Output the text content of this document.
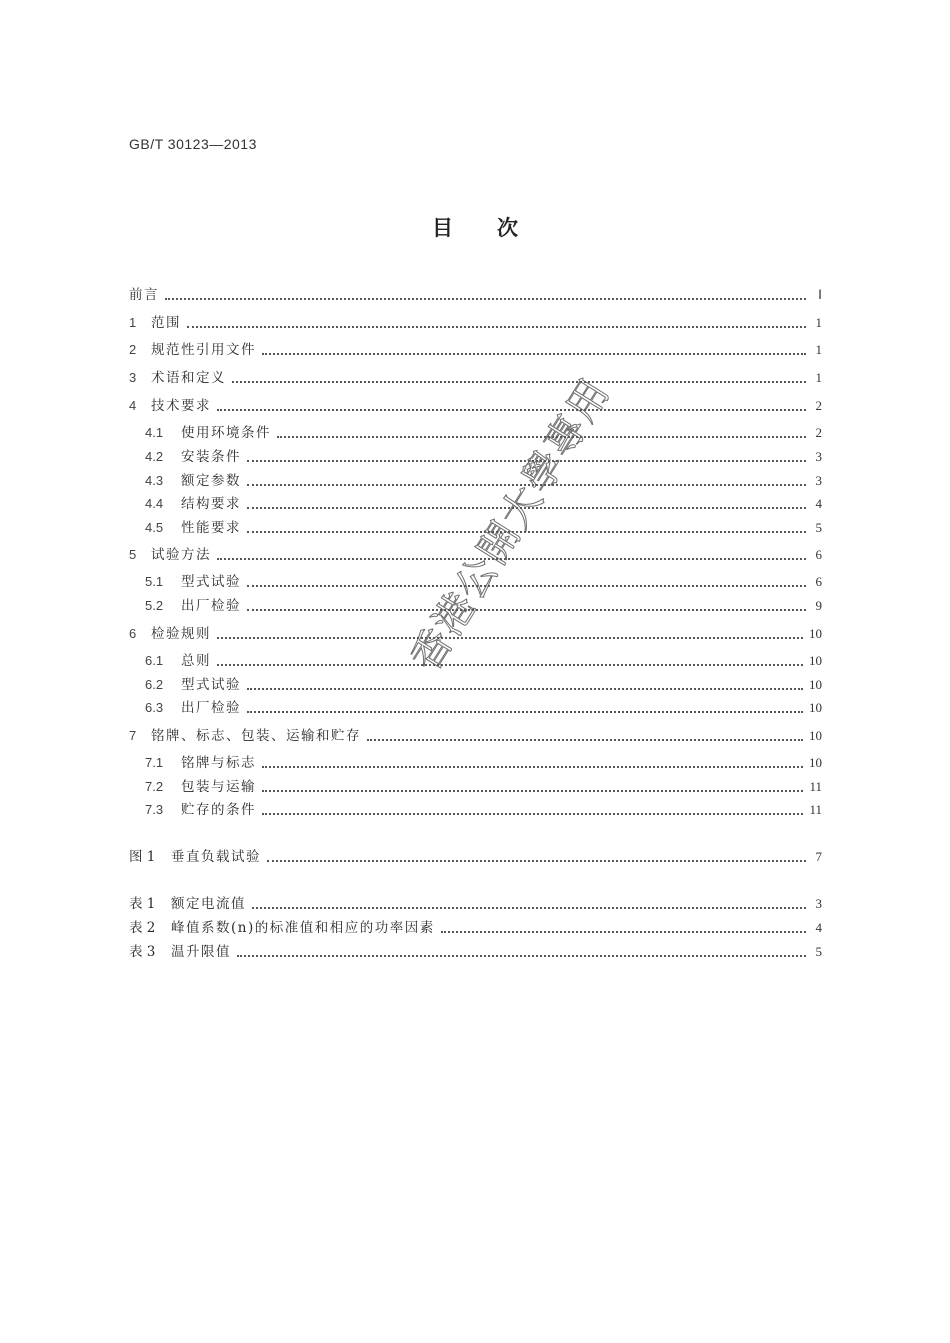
GB/T 30123—2013
目 次
前言	Ⅰ
1	范围	1
2	规范性引用文件	1
3	术语和定义	1
4	技术要求	2
4.1	使用环境条件	2
4.2	安装条件	3
4.3	额定参数	3
4.4	结构要求	4
4.5	性能要求	5
5	试验方法	6
5.1	型式试验	6
5.2	出厂检验	9
6	检验规则	10
6.1	总则	10
6.2	型式试验	10
6.3	出厂检验	10
7	铭牌、标志、包装、运输和贮存	10
7.1	铭牌与标志	10
7.2	包装与运输	11
7.3	贮存的条件	11
图 1	垂直负载试验	7
表 1	额定电流值	3
表 2	峰值系数(n)的标准值和相应的功率因素	4
表 3	温升限值	5
香港公開大學專用
